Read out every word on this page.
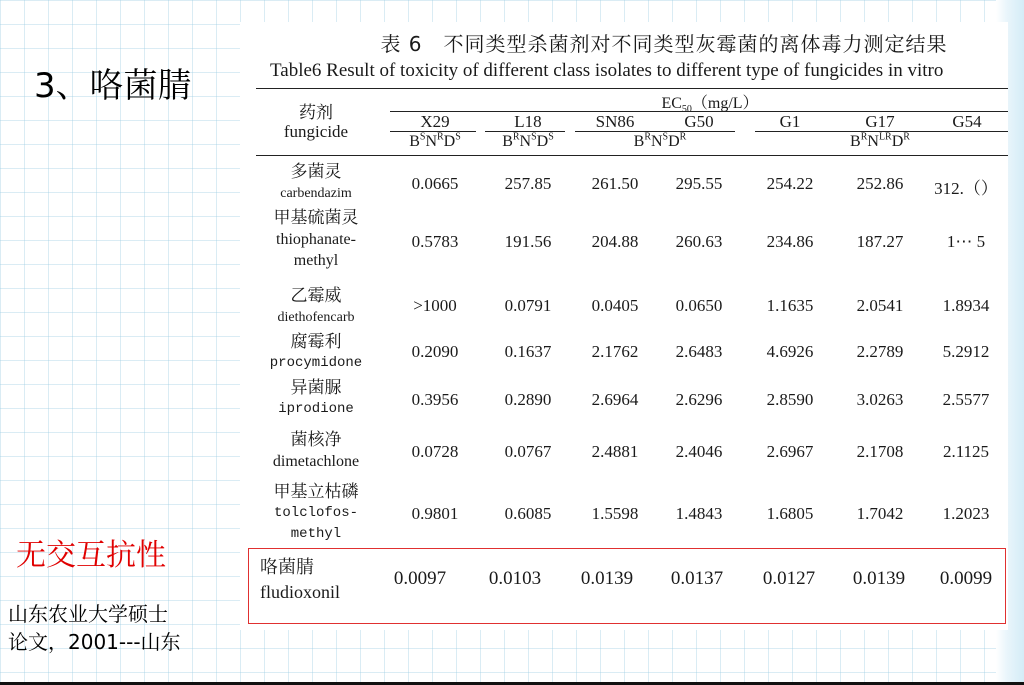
3、咯菌腈
无交互抗性
山东农业大学硕士
论文，2001---山东
表 6　不同类型杀菌剂对不同类型灰霉菌的离体毒力测定结果
Table6 Result of toxicity of different class isolates to different type of fungicides in vitro
药剂
fungicide
$EC_{50}(mg/L)$
X29	L18	SN86	G50	G1	G17	G54
$B^SN^RD^S$	$B^RN^SD^S$	$B^RN^SD^R$	$B^RN^{LR}D^R$
多菌灵
carbendazim
0.0665	257.85	261.50	295.55	254.22	252.86	312.（）
甲基硫菌灵
thiophanate-
methyl
0.5783	191.56	204.88	260.63	234.86	187.27	1⋯ 5
乙霉威
diethofencarb
>1000	0.0791	0.0405	0.0650	1.1635	2.0541	1.8934
腐霉利
procymidone
0.2090	0.1637	2.1762	2.6483	4.6926	2.2789	5.2912
异菌脲
iprodione	0.3956	0.2890	2.6964	2.6296	2.8590	3.0263	2.5577
菌核净
dimetachlone
0.0728	0.0767	2.4881	2.4046	2.6967	2.1708	2.1125
甲基立枯磷
tolclofos-
methyl
0.9801	0.6085	1.5598	1.4843	1.6805	1.7042	1.2023
咯菌腈
fludioxonil
0.0097	0.0103	0.0139	0.0137	0.0127	0.0139	0.0099
